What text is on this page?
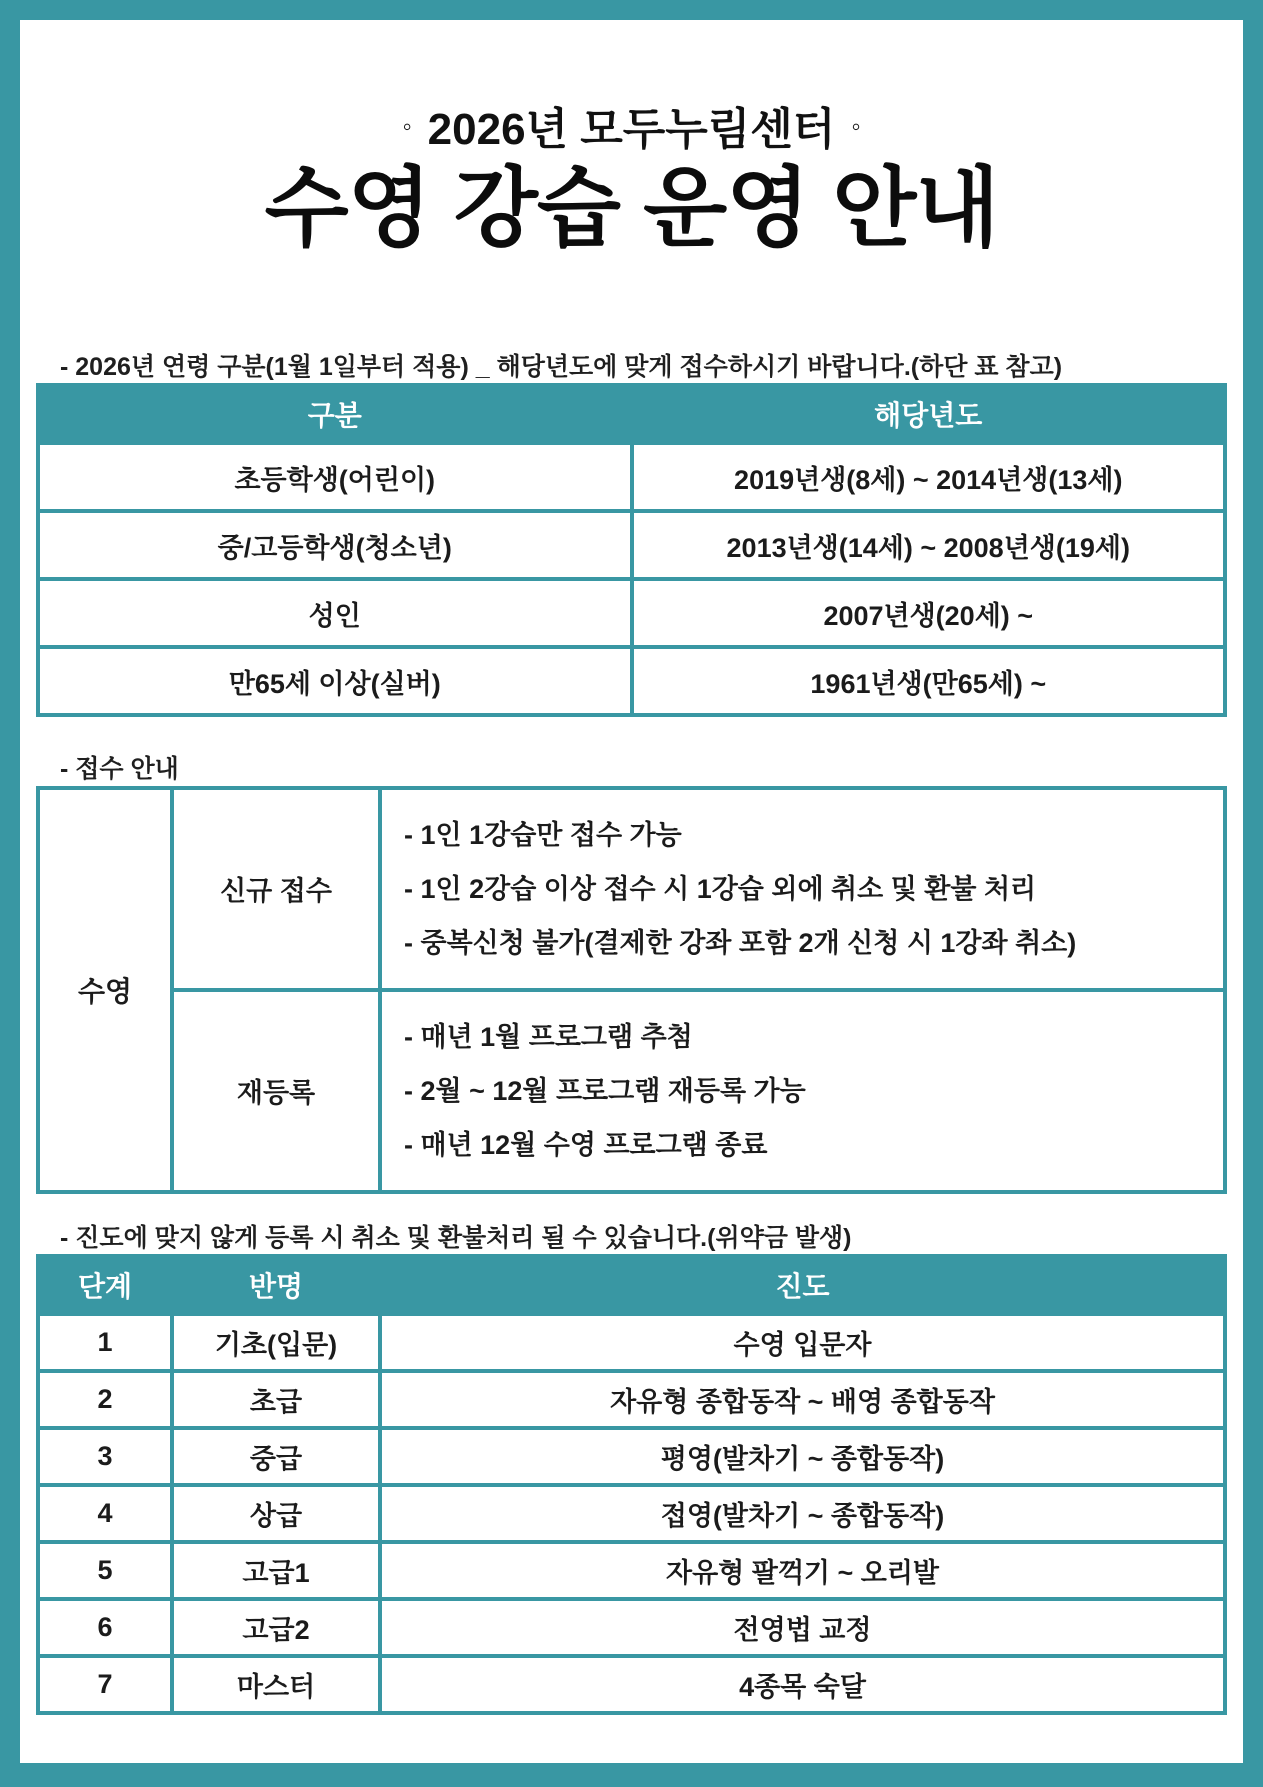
◦ 2026년 모두누림센터 ◦
수영 강습 운영 안내

- 2026년 연령 구분(1월 1일부터 적용) _ 해당년도에 맞게 접수하시기 바랍니다.(하단 표 참고)

구분	해당년도
초등학생(어린이)	2019년생(8세) ~ 2014년생(13세)
중/고등학생(청소년)	2013년생(14세) ~ 2008년생(19세)
성인	2007년생(20세) ~
만65세 이상(실버)	1961년생(만65세) ~

- 접수 안내

수영	신규 접수	- 1인 1강습만 접수 가능
- 1인 2강습 이상 접수 시 1강습 외에 취소 및 환불 처리
- 중복신청 불가(결제한 강좌 포함 2개 신청 시 1강좌 취소)

	재등록	- 매년 1월 프로그램 추첨
- 2월 ~ 12월 프로그램 재등록 가능
- 매년 12월 수영 프로그램 종료

- 진도에 맞지 않게 등록 시 취소 및 환불처리 될 수 있습니다.(위약금 발생)

단계	반명	진도
1	기초(입문)	수영 입문자
2	초급	자유형 종합동작 ~ 배영 종합동작
3	중급	평영(발차기 ~ 종합동작)
4	상급	접영(발차기 ~ 종합동작)
5	고급1	자유형 팔꺽기 ~ 오리발
6	고급2	전영법 교정
7	마스터	4종목 숙달
